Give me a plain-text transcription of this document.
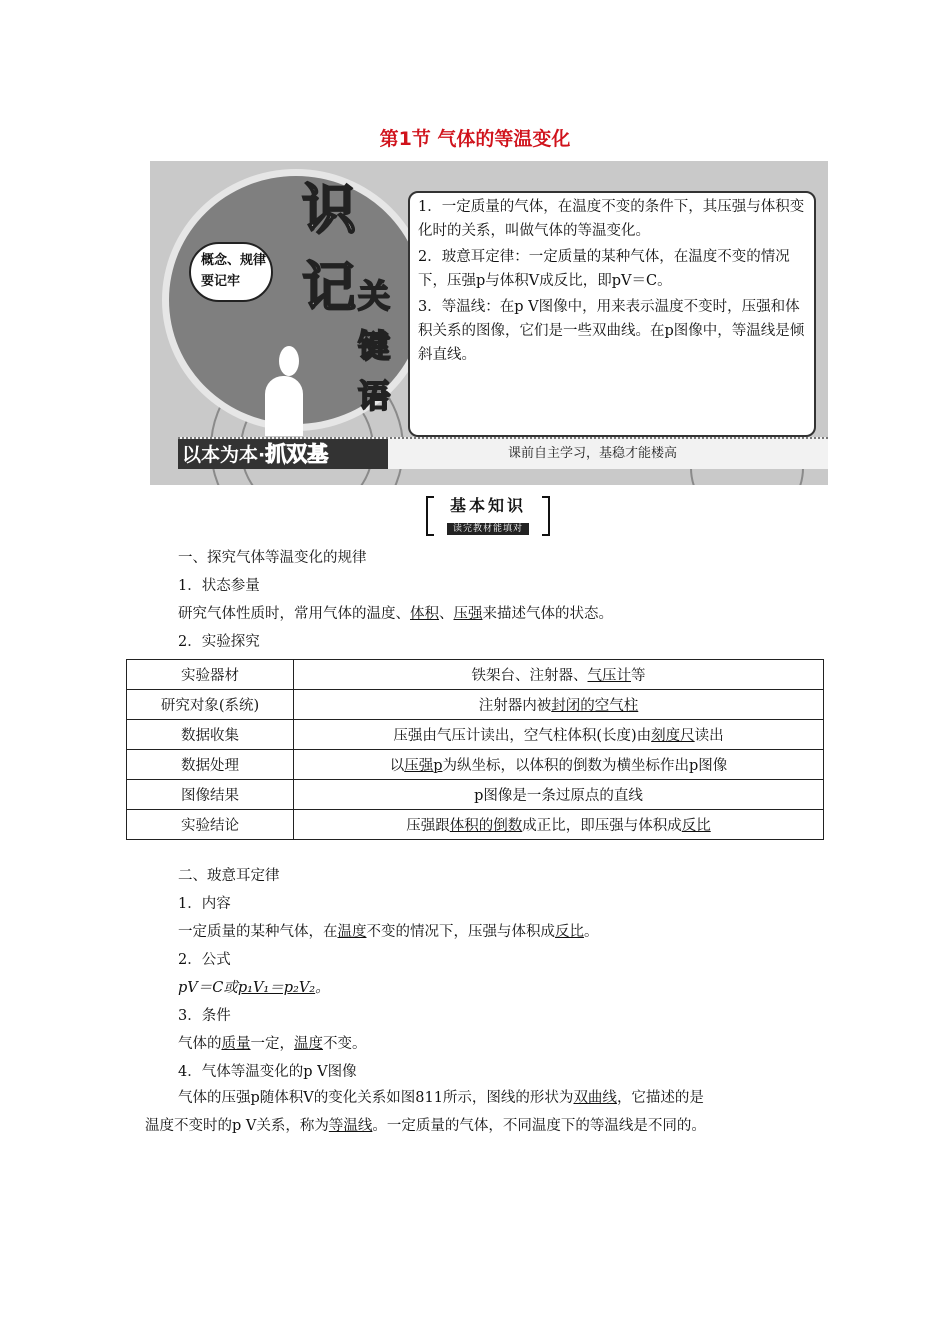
第1节 气体的等温变化
概念、规律
要记牢
识
记 关
键
语

1．一定质量的气体，在温度不变的条件下，其压强与体积变化时的关系，叫做气体的等温变化。

2．玻意耳定律：一定质量的某种气体，在温度不变的情况下，压强p与体积V成反比，即pV＝C。

3．等温线：在p V图像中，用来表示温度不变时，压强和体积关系的图像，它们是一些双曲线。在p图像中，等温线是倾斜直线。

以本为本·抓双基	课前自主学习，基稳才能楼高
基本知识
读完教材能填对
一、探究气体等温变化的规律
1．状态参量
研究气体性质时，常用气体的温度、体积、压强来描述气体的状态。
2．实验探究
实验器材	铁架台、注射器、气压计等
研究对象(系统)	注射器内被封闭的空气柱
数据收集	压强由气压计读出，空气柱体积(长度)由刻度尺读出
数据处理	以压强p为纵坐标，以体积的倒数为横坐标作出p图像
图像结果	p图像是一条过原点的直线
实验结论	压强跟体积的倒数成正比，即压强与体积成反比
二、玻意耳定律
1．内容
一定质量的某种气体，在温度不变的情况下，压强与体积成反比。
2．公式
pV＝C或p₁V₁＝p₂V₂。
3．条件
气体的质量一定，温度不变。
4．气体等温变化的p V图像
气体的压强p随体积V的变化关系如图811所示，图线的形状为双曲线，它描述的是
温度不变时的p V关系，称为等温线。一定质量的气体，不同温度下的等温线是不同的。
